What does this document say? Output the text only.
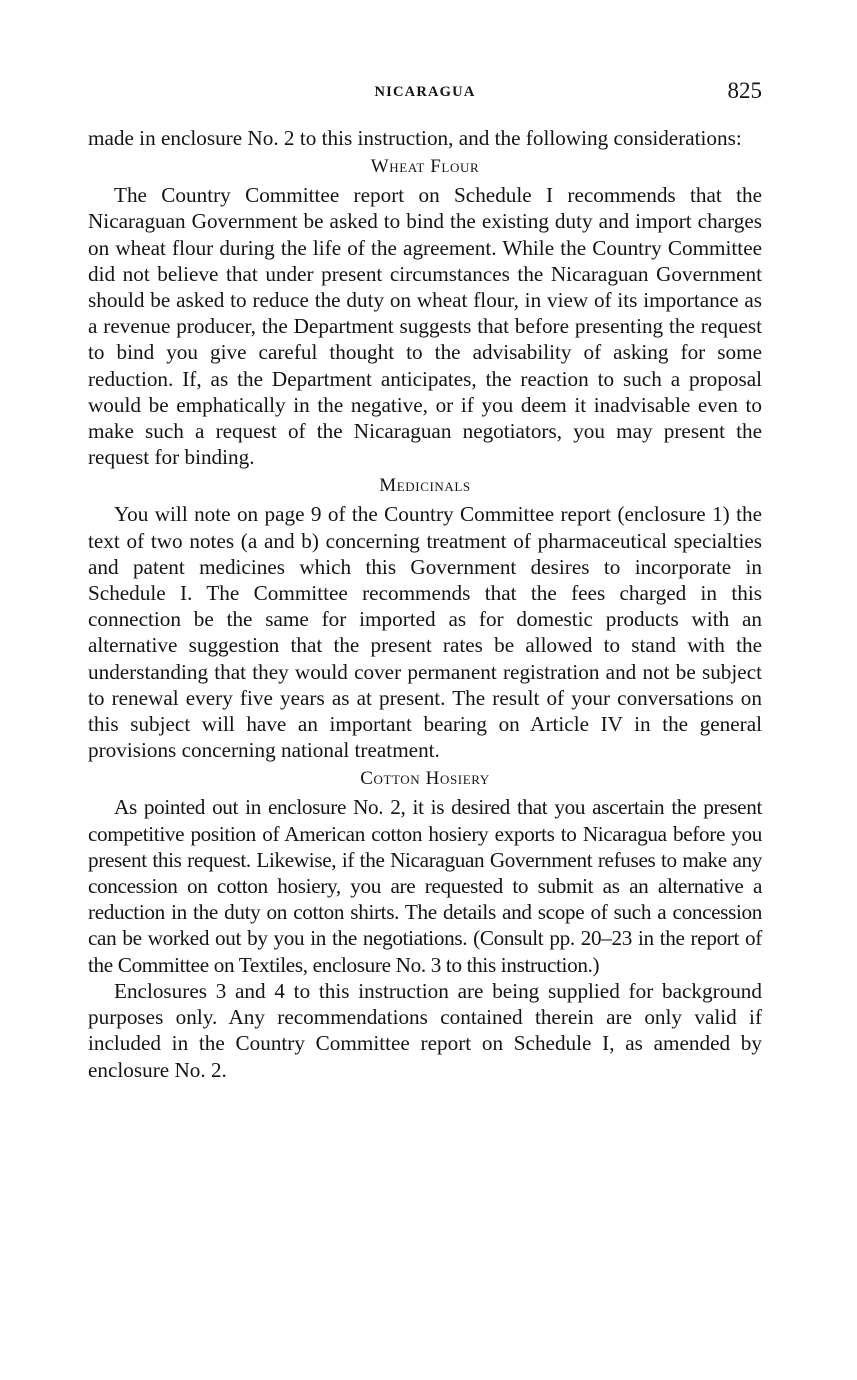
NICARAGUA	825

made in enclosure No. 2 to this instruction, and the following considerations:

Wheat Flour

The Country Committee report on Schedule I recommends that the Nicaraguan Government be asked to bind the existing duty and import charges on wheat flour during the life of the agreement. While the Country Committee did not believe that under present circumstances the Nicaraguan Government should be asked to reduce the duty on wheat flour, in view of its importance as a revenue producer, the Department suggests that before presenting the request to bind you give careful thought to the advisability of asking for some reduction. If, as the Department anticipates, the reaction to such a proposal would be emphatically in the negative, or if you deem it inadvisable even to make such a request of the Nicaraguan negotiators, you may present the request for binding.

Medicinals

You will note on page 9 of the Country Committee report (enclosure 1) the text of two notes (a and b) concerning treatment of pharmaceutical specialties and patent medicines which this Government desires to incorporate in Schedule I. The Committee recommends that the fees charged in this connection be the same for imported as for domestic products with an alternative suggestion that the present rates be allowed to stand with the understanding that they would cover permanent registration and not be subject to renewal every five years as at present. The result of your conversations on this subject will have an important bearing on Article IV in the general provisions concerning national treatment.

Cotton Hosiery

As pointed out in enclosure No. 2, it is desired that you ascertain the present competitive position of American cotton hosiery exports to Nicaragua before you present this request. Likewise, if the Nicaraguan Government refuses to make any concession on cotton hosiery, you are requested to submit as an alternative a reduction in the duty on cotton shirts. The details and scope of such a concession can be worked out by you in the negotiations. (Consult pp. 20–23 in the report of the Committee on Textiles, enclosure No. 3 to this instruction.)

Enclosures 3 and 4 to this instruction are being supplied for background purposes only. Any recommendations contained therein are only valid if included in the Country Committee report on Schedule I, as amended by enclosure No. 2.
